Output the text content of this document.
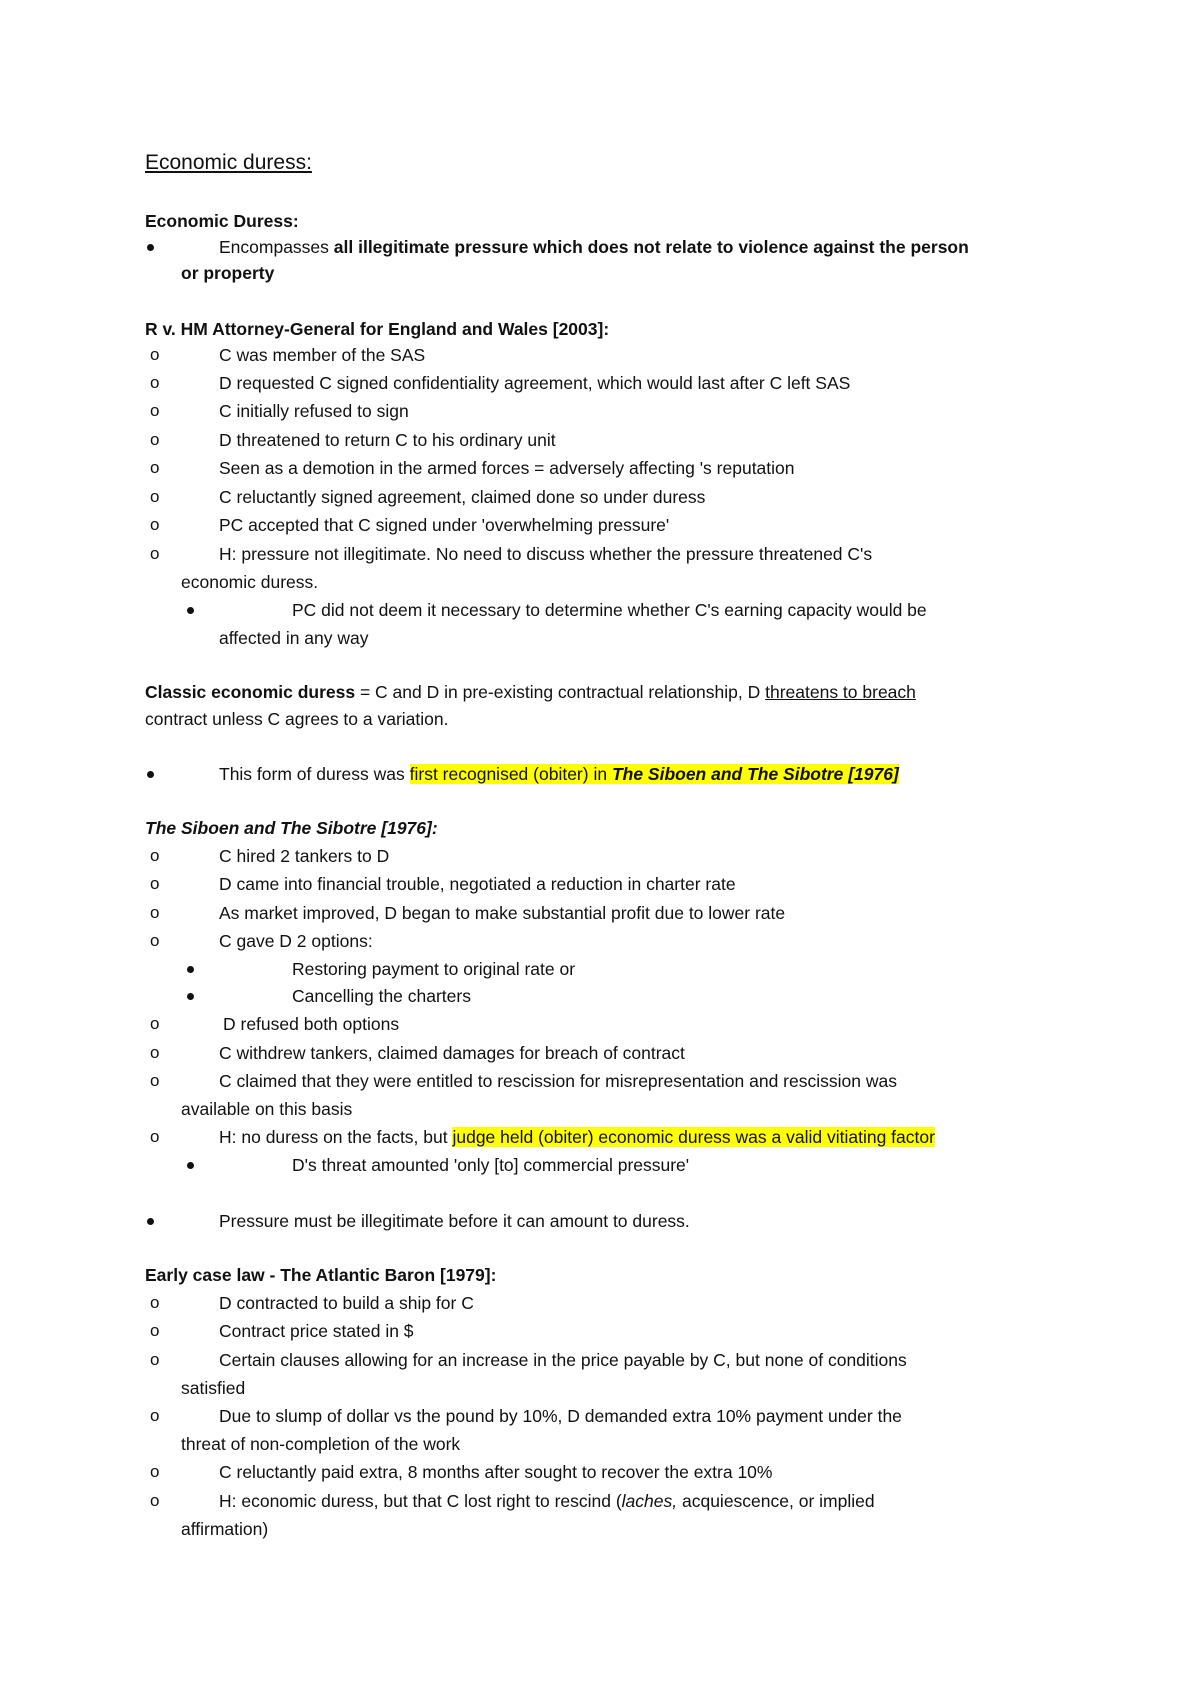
Economic duress:
Economic Duress:
Encompasses all illegitimate pressure which does not relate to violence against the person
or property
R v. HM Attorney-General for England and Wales [2003]:
o	C was member of the SAS
o	D requested C signed confidentiality agreement, which would last after C left SAS
o	C initially refused to sign
o	D threatened to return C to his ordinary unit
o	Seen as a demotion in the armed forces = adversely affecting 's reputation
o	C reluctantly signed agreement, claimed done so under duress
o	PC accepted that C signed under 'overwhelming pressure'
o	H: pressure not illegitimate. No need to discuss whether the pressure threatened C's
economic duress.
PC did not deem it necessary to determine whether C's earning capacity would be
affected in any way
Classic economic duress = C and D in pre-existing contractual relationship, D threatens to breach
contract unless C agrees to a variation.
This form of duress was first recognised (obiter) in The Siboen and The Sibotre [1976]
The Siboen and The Sibotre [1976]:
o	C hired 2 tankers to D
o	D came into financial trouble, negotiated a reduction in charter rate
o	As market improved, D began to make substantial profit due to lower rate
o	C gave D 2 options:
Restoring payment to original rate or
Cancelling the charters
o	D refused both options
o	C withdrew tankers, claimed damages for breach of contract
o	C claimed that they were entitled to rescission for misrepresentation and rescission was
available on this basis
o	H: no duress on the facts, but judge held (obiter) economic duress was a valid vitiating factor
D's threat amounted 'only [to] commercial pressure'
Pressure must be illegitimate before it can amount to duress.
Early case law - The Atlantic Baron [1979]:
o	D contracted to build a ship for C
o	Contract price stated in $
o	Certain clauses allowing for an increase in the price payable by C, but none of conditions
satisfied
o	Due to slump of dollar vs the pound by 10%, D demanded extra 10% payment under the
threat of non-completion of the work
o	C reluctantly paid extra, 8 months after sought to recover the extra 10%
o	H: economic duress, but that C lost right to rescind (laches, acquiescence, or implied
affirmation)
